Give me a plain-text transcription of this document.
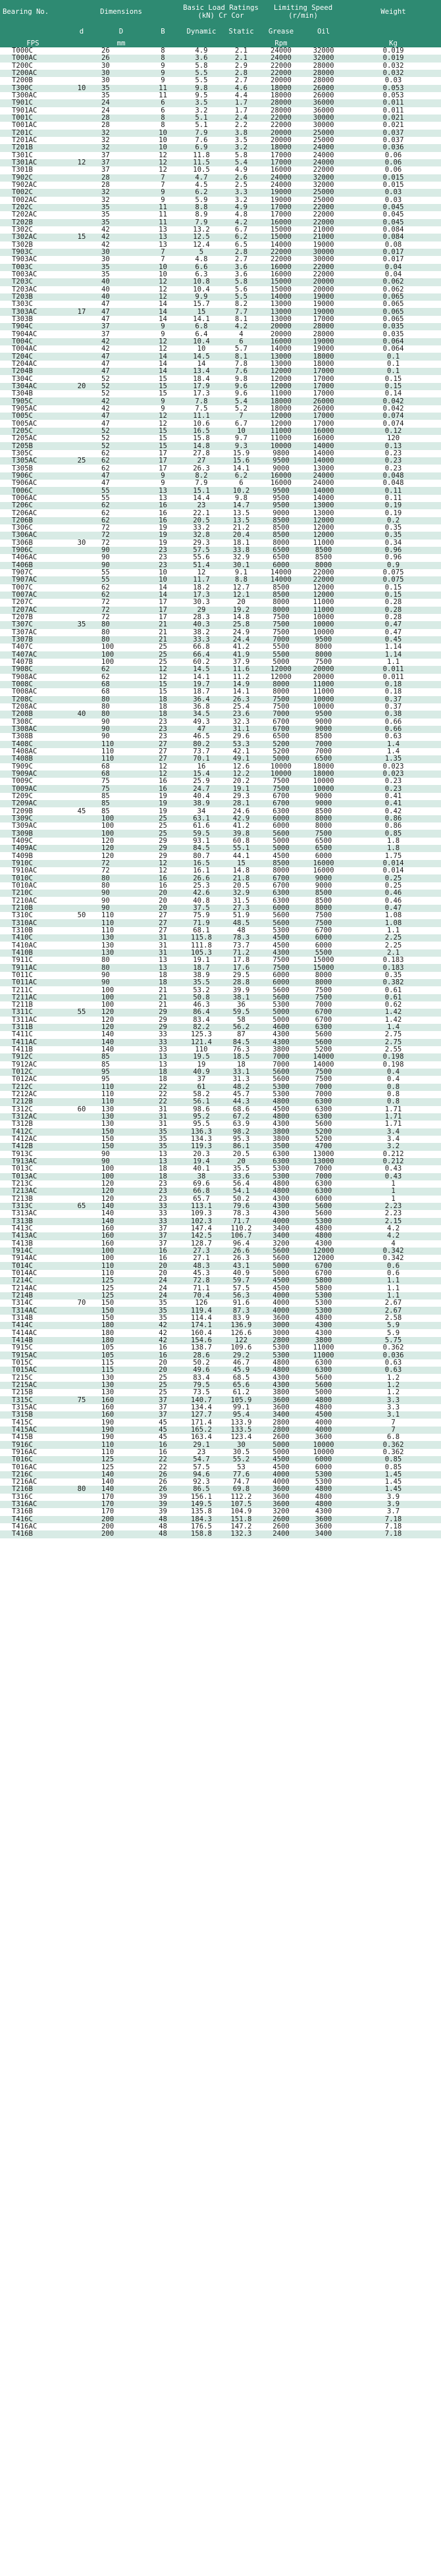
Bearing No.		Dimensions		Basic Load Ratings
(kN) Cr Cor		Limiting Speed (r/min)		Weight
	d	D	B	Dynamic	Static	Grease	Oil	
FPS		mm				Rpm		Kg
T000C		26	8	4.9	2.1	24000	32000	0.019
T000AC		26	8	3.6	2.1	24000	32000	0.019
T200C		30	9	5.8	2.9	22000	28000	0.032
T200AC		30	9	5.5	2.8	22000	28000	0.032
T200B		30	9	5.5	2.7	20000	28000	0.03
T300C	10	35	11	9.8	4.6	18000	26000	0.053
T300AC		35	11	9.5	4.4	18000	26000	0.053
T901C		24	6	3.5	1.7	28000	36000	0.011
T901AC		24	6	3.2	1.7	28000	36000	0.011
T001C		28	8	5.1	2.4	22000	30000	0.021
T001AC		28	8	5.1	2.2	22000	30000	0.021
T201C		32	10	7.9	3.8	20000	25000	0.037
T201AC		32	10	7.6	3.5	20000	25000	0.037
T201B		32	10	6.9	3.2	18000	24000	0.036
T301C		37	12	11.8	5.8	17000	24000	0.06
T301AC	12	37	12	11.5	5.4	17000	24000	0.06
T301B		37	12	10.5	4.9	16000	22000	0.06
T902C		28	7	4.7	2.6	24000	32000	0.015
T902AC		28	7	4.5	2.5	24000	32000	0.015
T002C		32	9	6.2	3.3	19000	25000	0.03
T002AC		32	9	5.9	3.2	19000	25000	0.03
T202C		35	11	8.8	4.9	17000	22000	0.045
T202AC		35	11	8.9	4.8	17000	22000	0.045
T202B		35	11	7.9	4.2	16000	22000	0.045
T302C		42	13	13.2	6.7	15000	21000	0.084
T302AC	15	42	13	12.5	6.2	15000	21000	0.084
T302B		42	13	12.4	6.5	14000	19000	0.08
T903C		30	7	5	2.8	22000	30000	0.017
T903AC		30	7	4.8	2.7	22000	30000	0.017
T003C		35	10	6.6	3.6	16000	22000	0.04
T003AC		35	10	6.3	3.6	16000	22000	0.04
T203C		40	12	10.8	5.8	15000	20000	0.062
T203AC		40	12	10.4	5.6	15000	20000	0.062
T203B		40	12	9.9	5.5	14000	19000	0.065
T303C		47	14	15.7	8.2	13000	19000	0.065
T303AC	17	47	14	15	7.7	13000	19000	0.065
T303B		47	14	14.1	8.1	13000	17000	0.065
T904C		37	9	6.8	4.2	20000	28000	0.035
T904AC		37	9	6.4	4	20000	28000	0.035
T004C		42	12	10.4	6	16000	19000	0.064
T004AC		42	12	10	5.7	14000	19000	0.064
T204C		47	14	14.5	8.1	13000	18000	0.1
T204AC		47	14	14	7.8	13000	18000	0.1
T204B		47	14	13.4	7.6	12000	17000	0.1
T304C		52	15	18.4	9.8	12000	17000	0.15
T304AC	20	52	15	17.9	9.6	12000	17000	0.15
T304B		52	15	17.3	9.6	11000	17000	0.14
T905C		42	9	7.8	5.4	18000	26000	0.042
T905AC		42	9	7.5	5.2	18000	26000	0.042
T005C		47	12	11.1	7	12000	17000	0.074
T005AC		47	12	10.6	6.7	12000	17000	0.074
T205C		52	15	16.5	10	11000	16000	0.12
T205AC		52	15	15.8	9.7	11000	16000	120
T205B		52	15	14.8	9.3	10000	14000	0.13
T305C		62	17	27.8	15.9	9800	14000	0.23
T305AC	25	62	17	27	15.6	9500	14000	0.23
T305B		62	17	26.3	14.1	9000	13000	0.23
T906C		47	9	8.2	6.2	16000	24000	0.048
T906AC		47	9	7.9	6	16000	24000	0.048
T006C		55	13	15.1	10.2	9500	14000	0.11
T006AC		55	13	14.4	9.8	9500	14000	0.11
T206C		62	16	23	14.7	9500	13000	0.19
T206AC		62	16	22.1	13.5	9000	13000	0.19
T206B		62	16	20.5	13.5	8500	12000	0.2
T306C		72	19	33.2	21.2	8500	12000	0.35
T306AC		72	19	32.8	20.4	8500	12000	0.35
T306B	30	72	19	29.3	18.1	8000	11000	0.34
T906C		90	23	57.5	33.8	6500	8500	0.96
T406AC		90	23	55.6	32.9	6500	8500	0.96
T406B		90	23	51.4	30.1	6000	8000	0.9
T907C		55	10	12	9.1	14000	22000	0.075
T907AC		55	10	11.7	8.8	14000	22000	0.075
T007C		62	14	18.2	12.7	8500	12000	0.15
T007AC		62	14	17.3	12.1	8500	12000	0.15
T207C		72	17	30.3	20	8000	11000	0.28
T207AC		72	17	29	19.2	8000	11000	0.28
T207B		72	17	28.3	14.8	7500	10000	0.28
T307C	35	80	21	40.3	25.8	7500	10000	0.47
T307AC		80	21	38.2	24.9	7500	10000	0.47
T307B		80	21	33.3	24.4	7000	9500	0.45
T407C		100	25	66.8	41.2	5500	8000	1.14
T407AC		100	25	66.4	41.9	5500	8000	1.14
T407B		100	25	60.2	37.9	5000	7500	1.1
T908C		62	12	14.5	11.6	12000	20000	0.011
T908AC		62	12	14.1	11.2	12000	20000	0.011
T008C		68	15	19.7	14.9	8000	11000	0.18
T008AC		68	15	18.7	14.1	8000	11000	0.18
T208C		80	18	36.4	26.3	7500	10000	0.37
T208AC		80	18	36.8	25.4	7500	10000	0.37
T208B	40	80	18	34.5	23.6	7000	9500	0.38
T308C		90	23	49.3	32.3	6700	9000	0.66
T308AC		90	23	47	31.1	6700	9000	0.66
T308B		90	23	46.5	29.6	6500	8500	0.63
T408C		110	27	80.2	53.3	5200	7000	1.4
T408AC		110	27	73.7	42.1	5200	7000	1.4
T408B		110	27	70.1	49.1	5000	6500	1.35
T909C		68	12	16	12.6	10000	18000	0.023
T909AC		68	12	15.4	12.2	10000	18000	0.023
T009C		75	16	25.9	20.2	7500	10000	0.23
T009AC		75	16	24.7	19.1	7500	10000	0.23
T209C		85	19	40.4	29.3	6700	9000	0.41
T209AC		85	19	38.9	28.1	6700	9000	0.41
T209B	45	85	19	34	24.6	6300	8500	0.42
T309C		100	25	63.1	42.9	6000	8000	0.86
T309AC		100	25	61.6	41.2	6000	8000	0.86
T309B		100	25	59.5	39.8	5600	7500	0.85
T409C		120	29	93.1	60.8	5000	6500	1.8
T409AC		120	29	84.5	55.1	5000	6500	1.8
T409B		120	29	80.7	44.1	4500	6000	1.75
T910C		72	12	16.5	15	8500	16000	0.014
T910AC		72	12	16.1	14.8	8000	16000	0.014
T010C		80	16	26.6	21.8	6700	9000	0.25
T010AC		80	16	25.3	20.5	6700	9000	0.25
T210C		90	20	42.6	32.9	6300	8500	0.46
T210AC		90	20	40.8	31.5	6300	8500	0.46
T210B		90	20	37.5	27.3	6000	8000	0.47
T310C	50	110	27	75.9	51.9	5600	7500	1.08
T310AC		110	27	71.9	48.5	5600	7500	1.08
T310B		110	27	68.1	48	5300	6700	1.1
T410C		130	31	115.8	78.3	4500	6000	2.25
T410AC		130	31	111.8	73.7	4500	6000	2.25
T410B		130	31	105.3	71.2	4300	5500	2.1
T911C		80	13	19.1	17.8	7500	15000	0.183
T911AC		80	13	18.7	17.6	7500	15000	0.183
T011C		90	18	38.9	29.5	6000	8000	0.35
T011AC		90	18	35.5	28.8	6000	8000	0.382
T211C		100	21	53.2	39.9	5600	7500	0.61
T211AC		100	21	50.8	38.1	5600	7500	0.61
T211B		100	21	46.3	36	5300	7000	0.62
T311C	55	120	29	86.4	59.5	5000	6700	1.42
T311AC		120	29	83.4	58	5000	6700	1.42
T311B		120	29	82.2	56.2	4600	6300	1.4
T411C		140	33	125.3	87	4300	5600	2.75
T411AC		140	33	121.4	84.5	4300	5600	2.75
T411B		140	33	110	76.3	3800	5200	2.55
T912C		85	13	19.5	18.5	7000	14000	0.198
T912AC		85	13	19	18	7000	14000	0.198
T012C		95	18	40.9	33.1	5600	7500	0.4
T012AC		95	18	37	31.3	5600	7500	0.4
T212C		110	22	61	48.2	5300	7000	0.8
T212AC		110	22	58.2	45.7	5300	7000	0.8
T212B		110	22	56.1	44.3	4800	6300	0.8
T312C	60	130	31	98.6	68.6	4500	6300	1.71
T312AC		130	31	95.2	67.2	4800	6300	1.71
T312B		130	31	95.5	63.9	4300	5600	1.71
T412C		150	35	136.3	98.2	3800	5200	3.4
T412AC		150	35	134.3	95.3	3800	5200	3.4
T412B		150	35	119.3	86.1	3500	4700	3.2
T913C		90	13	20.3	20.5	6300	13000	0.212
T913AC		90	13	19.4	20	6300	13000	0.212
T013C		100	18	40.1	35.5	5300	7000	0.43
T013AC		100	18	38	33.6	5300	7000	0.43
T213C		120	23	69.6	56.4	4800	6300	1
T213AC		120	23	66.8	54.1	4800	6300	1
T213B		120	23	65.7	50.2	4300	6000	1
T313C	65	140	33	113.1	79.6	4300	5600	2.23
T313AC		140	33	109.3	78.3	4300	5600	2.23
T313B		140	33	102.3	71.7	4000	5300	2.15
T413C		160	37	147.4	110.2	3400	4800	4.2
T413AC		160	37	142.5	106.7	3400	4800	4.2
T413B		160	37	128.7	96.4	3200	4300	4
T914C		100	16	27.3	26.6	5600	12000	0.342
T914AC		100	16	27.1	26.3	5600	12000	0.342
T014C		110	20	48.3	43.1	5000	6700	0.6
T014AC		110	20	45.3	40.9	5000	6700	0.6
T214C		125	24	72.8	59.7	4500	5800	1.1
T214AC		125	24	71.1	57.5	4500	5800	1.1
T214B		125	24	70.4	56.3	4000	5300	1.1
T314C	70	150	35	126	91.6	4000	5300	2.67
T314AC		150	35	119.4	87.3	4000	5300	2.67
T314B		150	35	114.4	83.9	3600	4800	2.58
T414C		180	42	174.1	136.9	3000	4300	5.9
T414AC		180	42	160.4	126.6	3000	4300	5.9
T414B		180	42	154.6	122	2800	3800	5.75
T915C		105	16	138.7	109.6	5300	11000	0.362
T915AC		105	16	28.6	29.2	5300	11000	0.036
T015C		115	20	50.2	46.7	4800	6300	0.63
T015AC		115	20	49.6	45.9	4800	6300	0.63
T215C		130	25	83.4	68.5	4300	5600	1.2
T215AC		130	25	79.5	65.6	4300	5600	1.2
T215B		130	25	73.5	61.2	3800	5000	1.2
T315C	75	160	37	140.7	105.9	3600	4800	3.3
T315AC		160	37	134.4	99.1	3600	4800	3.3
T315B		160	37	127.7	95.4	3400	4500	3.1
T415C		190	45	171.4	133.9	2800	4000	7
T415AC		190	45	165.2	133.5	2800	4000	7
T415B		190	45	163.4	123.4	2600	3600	6.8
T916C		110	16	29.1	30	5000	10000	0.362
T916AC		110	16	23	30.5	5000	10000	0.362
T016C		125	22	54.7	55.2	4500	6000	0.85
T016AC		125	22	57.5	53	4500	6000	0.85
T216C		140	26	94.6	77.6	4000	5300	1.45
T216AC		140	26	92.3	74.7	4000	5300	1.45
T216B	80	140	26	86.5	69.8	3600	4800	1.45
T316C		170	39	156.1	112.2	3600	4800	3.9
T316AC		170	39	149.5	107.5	3600	4800	3.9
T316B		170	39	135.8	104.9	3200	4300	3.7
T416C		200	48	184.3	151.8	2600	3600	7.18
T416AC		200	48	176.5	147.2	2600	3600	7.18
T416B		200	48	158.8	132.3	2400	3400	7.18
